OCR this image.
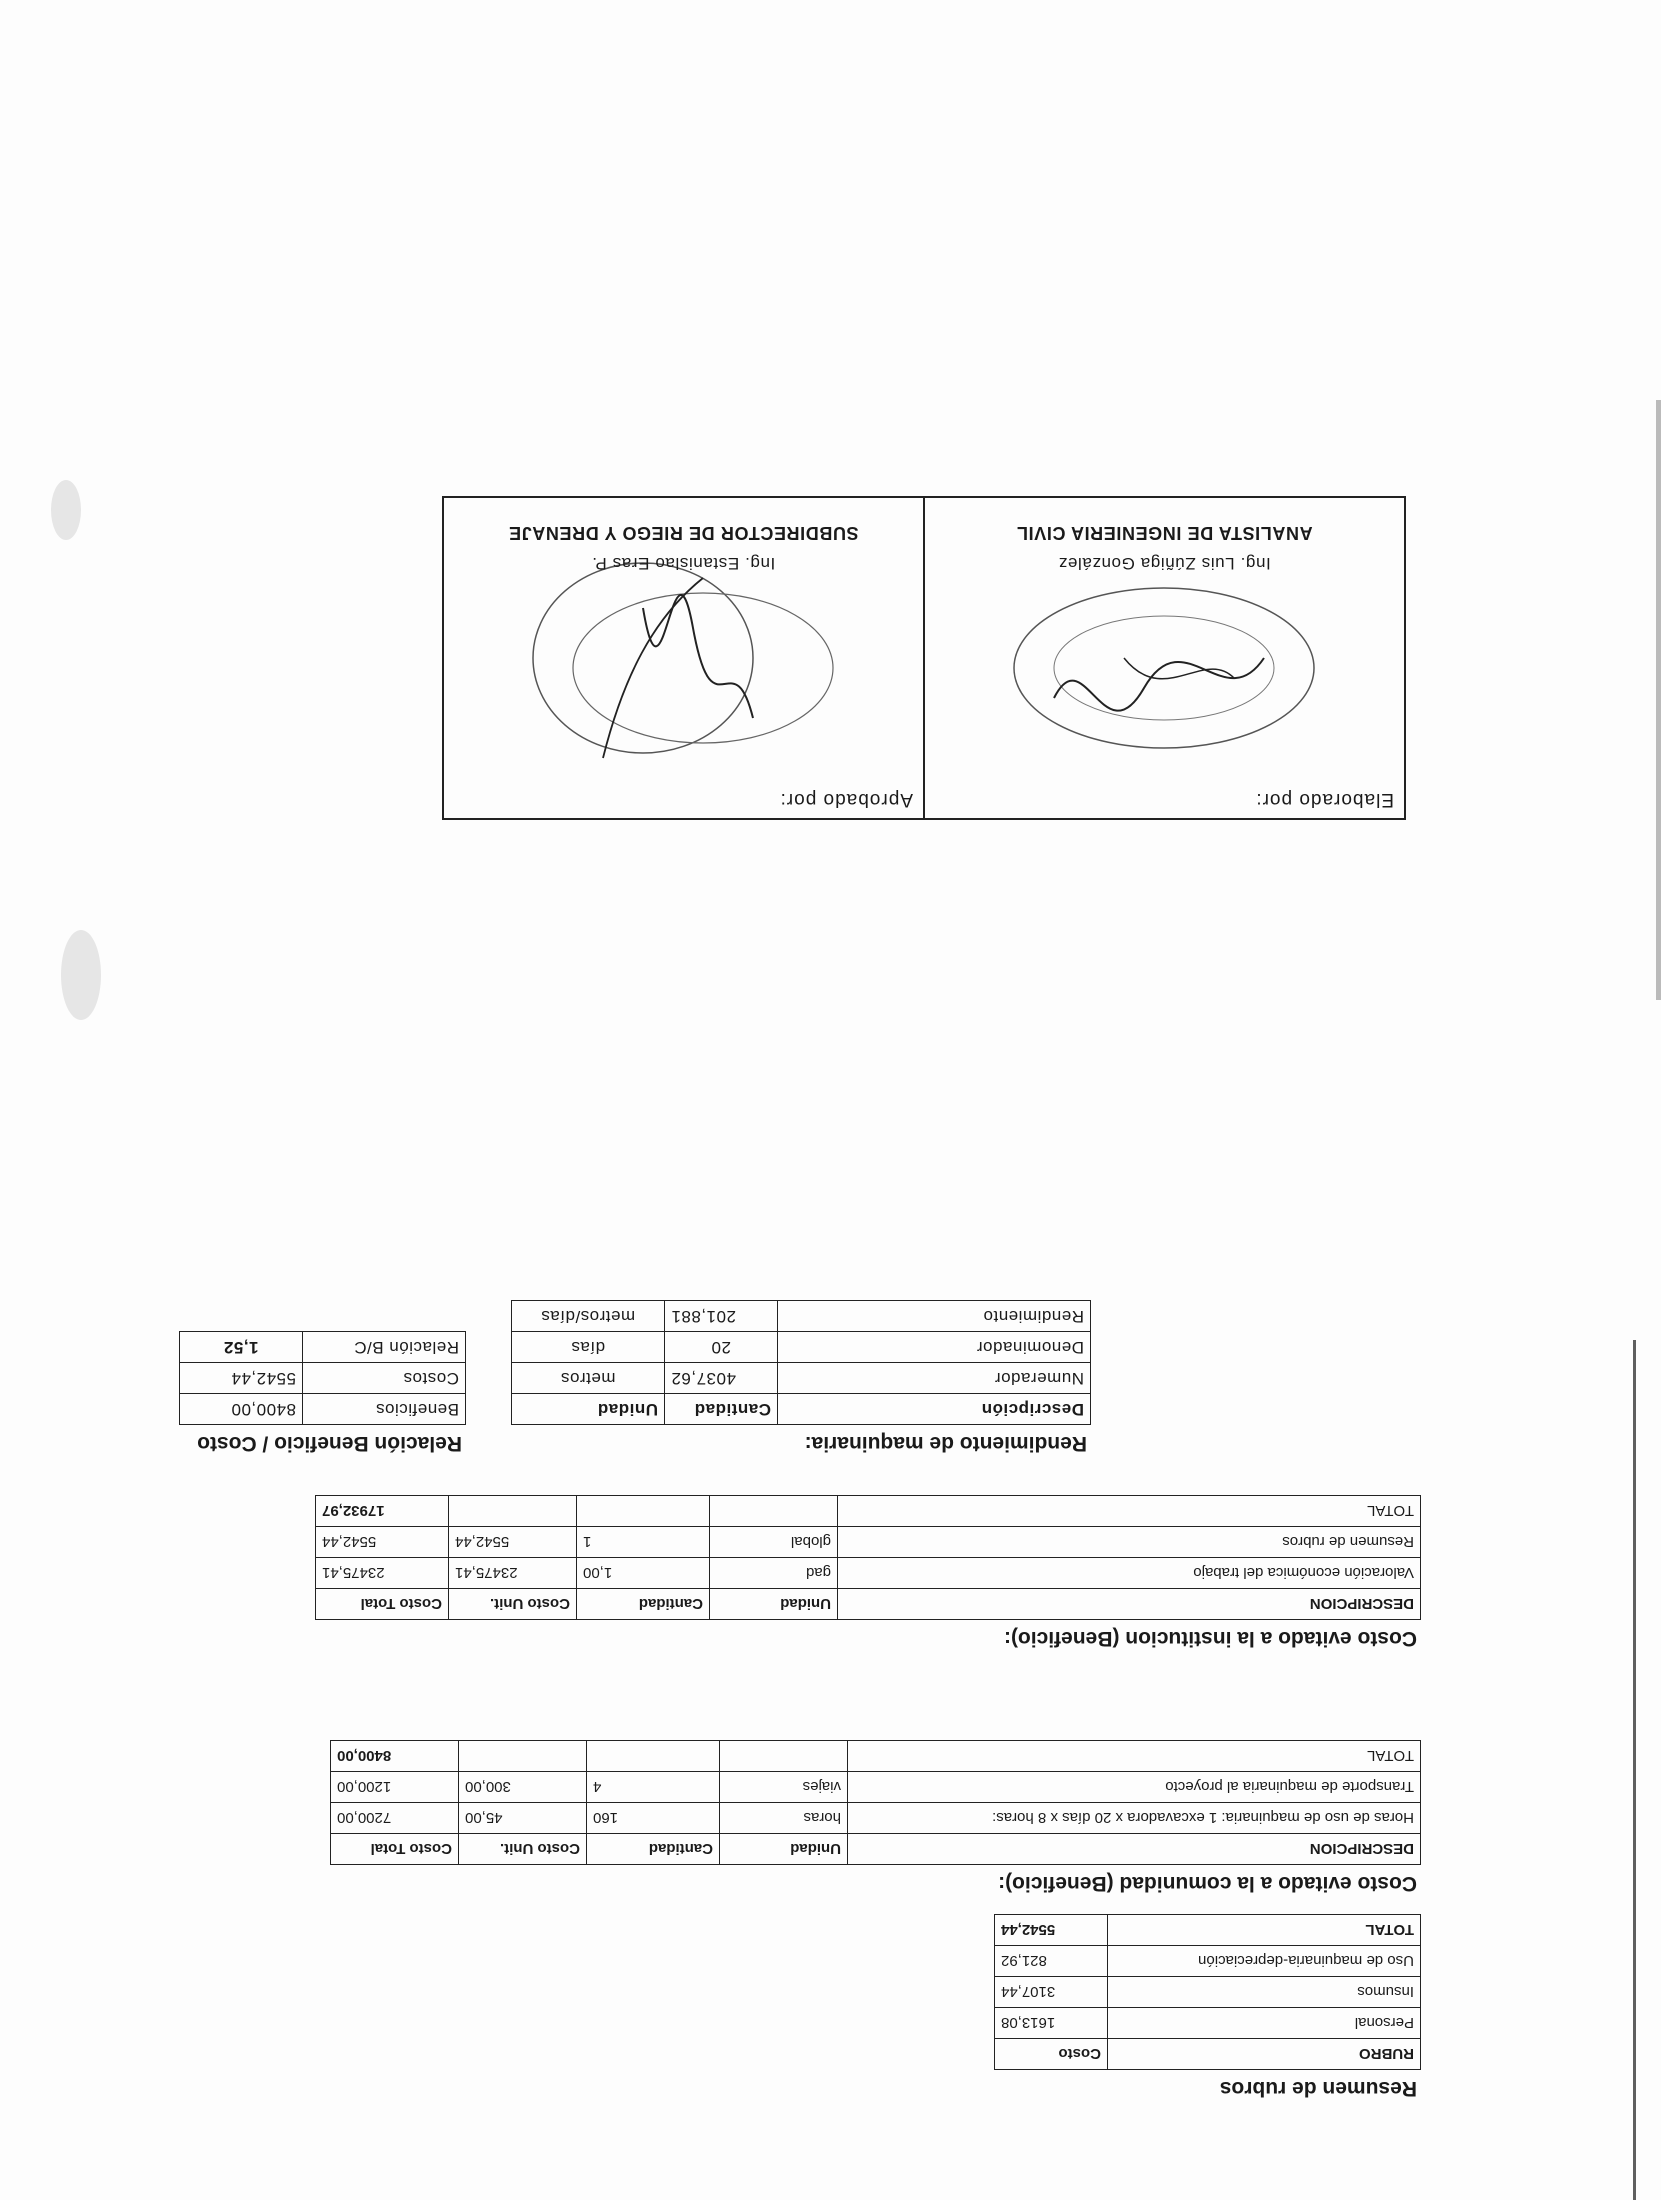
Resumen de rubros
RUBRO	Costo
Personal	1613,08
Insumos	3107,44
Uso de maquinaria-depreciación	821,92
TOTAL	5542,44
Costo evitado a la comunidad (Beneficio):
DESCRIPCION	Unidad	Cantidad	Costo Unit.	Costo Total
Horas de uso de maquinaria: 1 excavadora x 20 días x 8 horas:	horas	160	45,00	7200,00
Transporte de maquinaria al proyecto	viajes	4	300,00	1200,00
TOTAL				8400,00
Costo evitado a la institucion (Beneficio):
DESCRIPCION	Unidad	Cantidad	Costo Unit.	Costo Total
Valoración económica del trabajo	gad	1,00	23475,41	23475,41
Resumen de rubros	global	1	5542,44	5542,44
TOTAL				17932,97
Rendimiento de maquinaria:
Descripción	Cantidad	Unidad
Numerador	4037,62	metros
Denominador	20	días
Rendimiento	201,881	metros/días
Elaborado por:
Ing. Luis Zúñiga González
ANALISTA DE INGENIERIA CIVIL
Aprobado por:
Ing. Estanislao Eras P.
SUBDIRECTOR DE RIEGO Y DRENAJE
Relación Beneficio / Costo
Beneficios	8400,00
Costos	5542,44
Relación B/C	1,52
